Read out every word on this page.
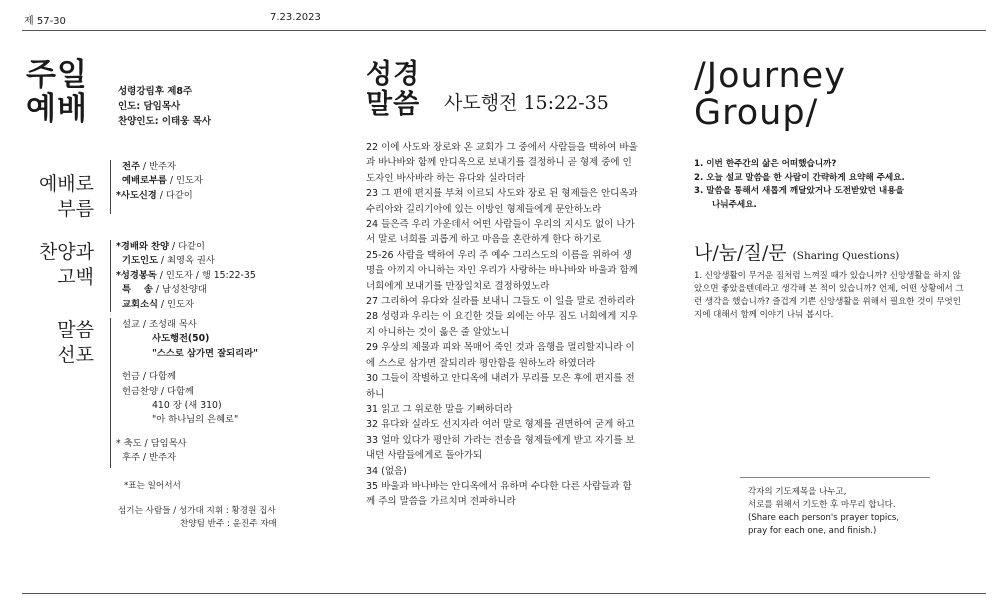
제 57-30	7.23.2023
주일
예배	성령강림후 제8주
인도: 담임목사
찬양인도: 이태웅 목사
예배로
부름
전주 / 반주자
예배로부름 / 인도자
*사도신경 / 다같이
찬양과
고백
*경배와 찬양 / 다같이
기도인도 / 최영옥 권사
*성경봉독 / 인도자 / 행 15:22-35
특    송 / 남성찬양대
교회소식 / 인도자
말씀
선포
설교 / 조성래 목사
사도행전(50)
"스스로 삼가면 잘되리라"
헌금 / 다함께
헌금찬양 / 다함께
410 장 (새 310)
"아 하나님의 은혜로"
* 축도 / 담임목사
후주 / 반주자
*표는 일어서서
섬기는 사람들 / 성가대 지휘 : 황경원 집사
찬양팀 반주 : 윤진주 자매
성경
말씀 사도행전 15:22-35

22 이에 사도와 장로와 온 교회가 그 중에서 사람들을 택하여 바울과 바나바와 함께 안디옥으로 보내기를 결정하니 곧 형제 중에 인도자인 바사바라 하는 유다와 실라더라

23 그 편에 편지를 부쳐 이르되 사도와 장로 된 형제들은 안디옥과 수리아와 길리기아에 있는 이방인 형제들에게 문안하노라

24 들은즉 우리 가운데서 어떤 사람들이 우리의 지시도 없이 나가서 말로 너희를 괴롭게 하고 마음을 혼란하게 한다 하기로

25-26 사람을 택하여 우리 주 예수 그리스도의 이름을 위하여 생명을 아끼지 아니하는 자인 우리가 사랑하는 바나바와 바울과 함께 너희에게 보내기를 만장일치로 결정하였노라

27 그리하여 유다와 실라를 보내니 그들도 이 일을 말로 전하리라

28 성령과 우리는 이 요긴한 것들 외에는 아무 짐도 너희에게 지우지 아니하는 것이 옳은 줄 알았노니

29 우상의 제물과 피와 목매어 죽인 것과 음행을 멀리할지니라 이에 스스로 삼가면 잘되리라 평안함을 원하노라 하였더라

30 그들이 작별하고 안디옥에 내려가 무리를 모은 후에 편지를 전하니

31 읽고 그 위로한 말을 기뻐하더라

32 유다와 실라도 선지자라 여러 말로 형제를 권면하여 굳게 하고

33 얼마 있다가 평안히 가라는 전송을 형제들에게 받고 자기를 보내던 사람들에게로 돌아가되

34 (없음)

35 바울과 바나바는 안디옥에서 유하며 수다한 다른 사람들과 함께 주의 말씀을 가르치며 전파하니라

/Journey
Group/
1. 이번 한주간의 삶은 어떠했습니까?
2. 오늘 설교 말씀을 한 사람이 간략하게 요약해 주세요.
3. 말씀을 통해서 새롭게 깨달았거나 도전받았던 내용을
나눠주세요.
나/눔/질/문 (Sharing Questions)
1. 신앙생활이 무거운 짐처럼 느껴질 때가 있습니까? 신앙생활을 하지 않았으면 좋았을텐데라고 생각해 본 적이 있습니까? 언제, 어떤 상황에서 그런 생각을 했습니까? 즐겁게 기쁜 신앙생활을 위해서 필요한 것이 무엇인지에 대해서 함께 이야기 나눠 봅시다.
각자의 기도제목을 나누고,
서로를 위해서 기도한 후 마무리 합니다.
(Share each person's prayer topics,
pray for each one, and finish.)
